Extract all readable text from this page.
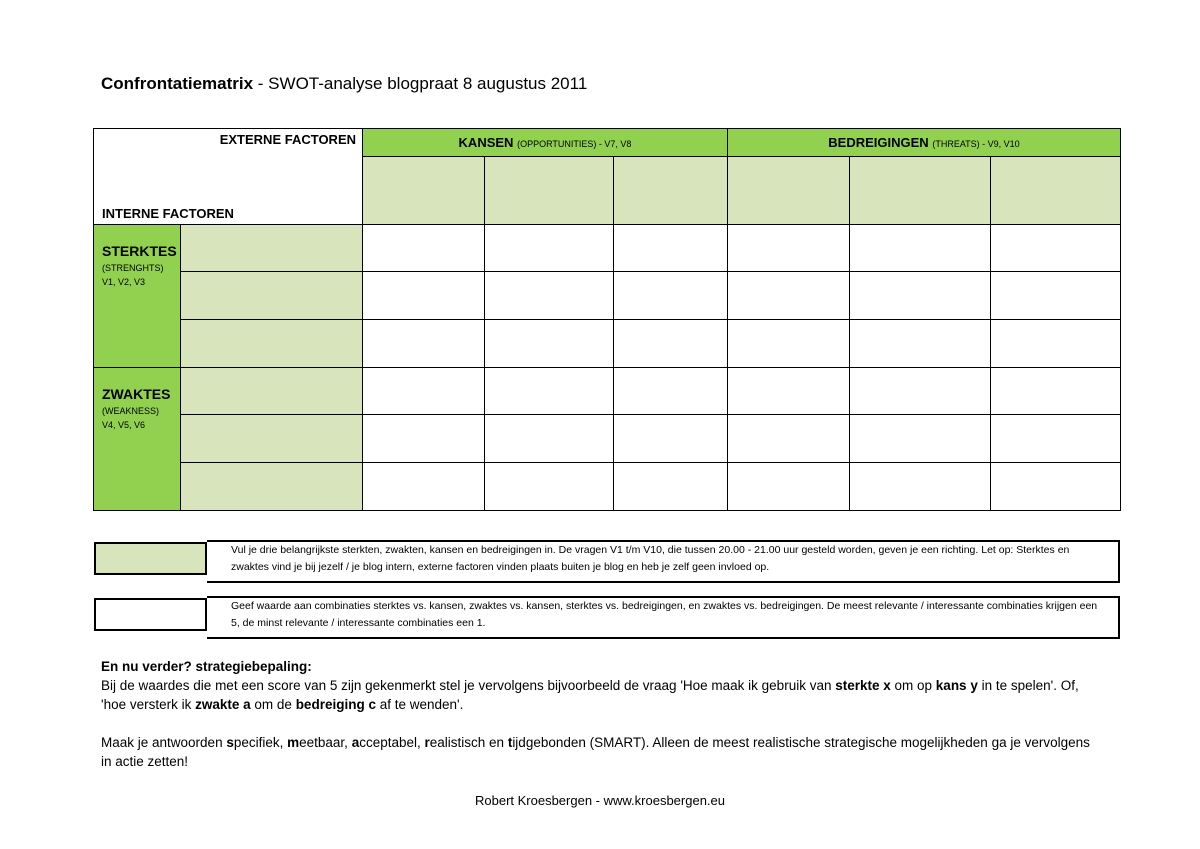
Confrontatiematrix - SWOT-analyse blogpraat 8 augustus 2011
EXTERNE FACTOREN
INTERNE FACTOREN
KANSEN (OPPORTUNITIES) - V7, V8	BEDREIGINGEN (THREATS) - V9, V10
STERKTES
(STRENGHTS)
V1, V2, V3
ZWAKTES
(WEAKNESS)
V4, V5, V6
Vul je drie belangrijkste sterkten, zwakten, kansen en bedreigingen in. De vragen V1 t/m V10, die tussen 20.00 - 21.00 uur gesteld worden, geven je een richting. Let op: Sterktes en zwaktes vind je bij jezelf / je blog intern, externe factoren vinden plaats buiten je blog en heb je zelf geen invloed op.
Geef waarde aan combinaties sterktes vs. kansen, zwaktes vs. kansen, sterktes vs. bedreigingen, en zwaktes vs. bedreigingen. De meest relevante / interessante combinaties krijgen een 5, de minst relevante / interessante combinaties een 1.
En nu verder? strategiebepaling:
Bij de waardes die met een score van 5 zijn gekenmerkt stel je vervolgens bijvoorbeeld de vraag 'Hoe maak ik gebruik van sterkte x om op kans y in te spelen'. Of, 'hoe versterk ik zwakte a om de bedreiging c af te wenden'.
Maak je antwoorden specifiek, meetbaar, acceptabel, realistisch en tijdgebonden (SMART). Alleen de meest realistische strategische mogelijkheden ga je vervolgens in actie zetten!
Robert Kroesbergen - www.kroesbergen.eu
